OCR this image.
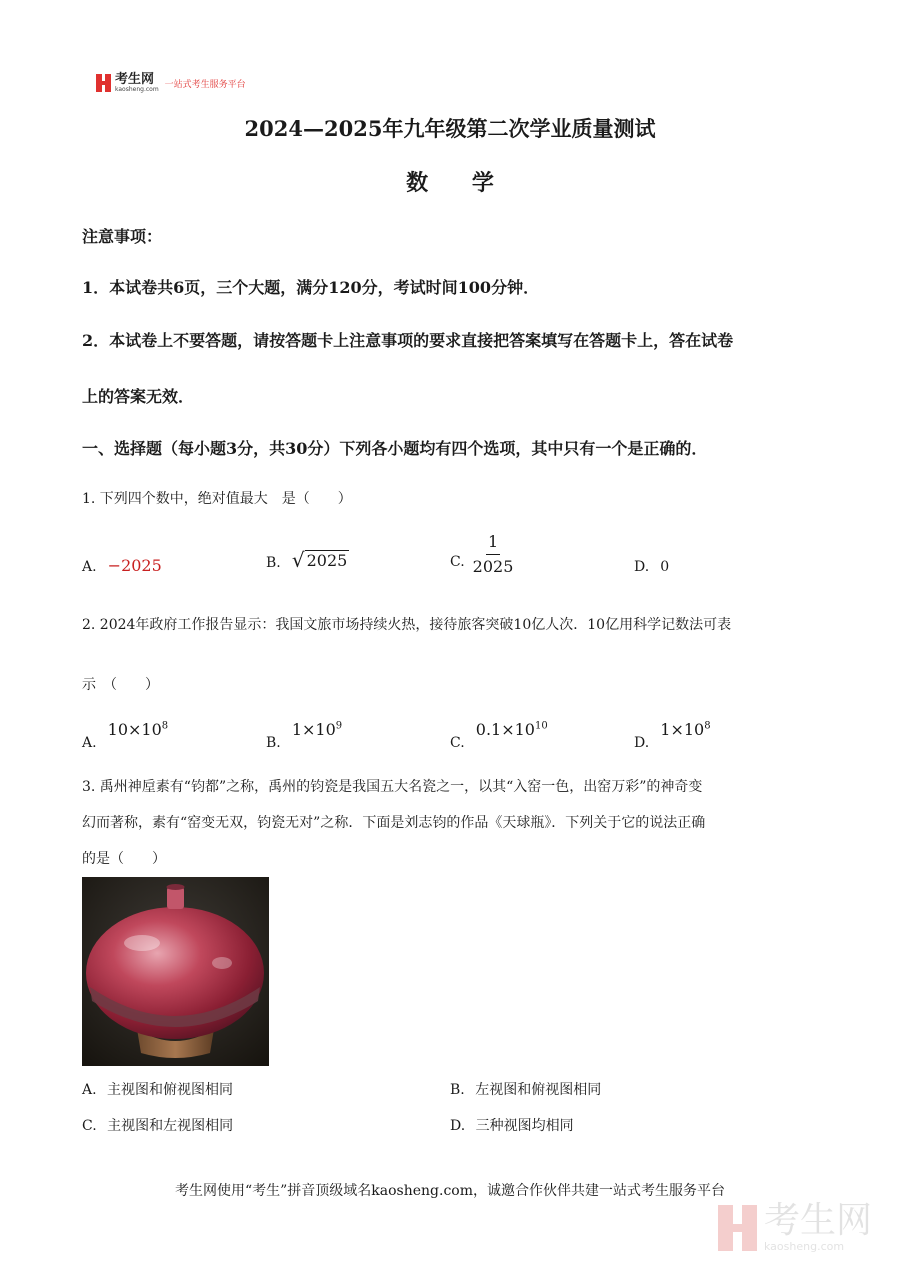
考生网
kaosheng.com 一站式考生服务平台
2024—2025年九年级第二次学业质量测试
数 学
注意事项：
1．本试卷共6页，三个大题，满分120分，考试时间100分钟．
2．本试卷上不要答题，请按答题卡上注意事项的要求直接把答案填写在答题卡上，答在试卷
上的答案无效．
一、选择题（每小题3分，共30分）下列各小题均有四个选项，其中只有一个是正确的．
1. 下列四个数中，绝对值最大　是（　　）
A. −2025	B. √ 2025	C. $\frac{1}{2025}$	D. 0
2. 2024年政府工作报告显示：我国文旅市场持续火热，接待旅客突破10亿人次．10亿用科学记数法可表
示　（　　）
A. $10\times 10^8$
B. $1\times 10^9$
C. $0.1\times 10^{10}$
D. $1\times 10^8$
3. 禹州神垕素有“钧都”之称，禹州的钧瓷是我国五大名瓷之一，以其“入窑一色，出窑万彩”的神奇变
幻而著称，素有“窑变无双，钧瓷无对”之称．下面是刘志钧的作品《天球瓶》．下列关于它的说法正确
的是（　　）
A. 主视图和俯视图相同	B. 左视图和俯视图相同
C. 主视图和左视图相同	D. 三种视图均相同
考生网使用“考生”拼音顶级域名kaosheng.com，诚邀合作伙伴共建一站式考生服务平台
考生网
kaosheng.com
